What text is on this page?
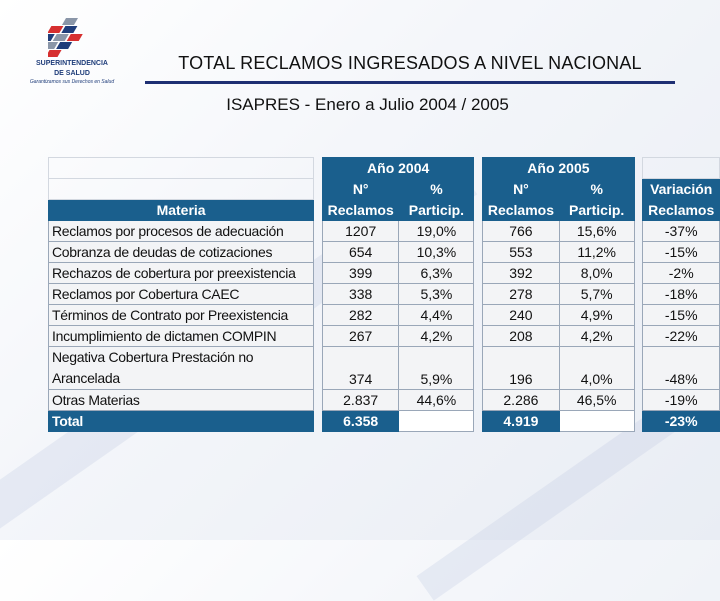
SUPERINTENDENCIA
DE SALUD
Garantizamos sus Derechos en Salud
TOTAL RECLAMOS INGRESADOS A NIVEL NACIONAL
ISAPRES - Enero a Julio 2004 / 2005
		Año 2004			Año 2005			
		N°	%		N°	%		Variación
Materia		Reclamos	Particip.		Reclamos	Particip.		Reclamos
Reclamos por procesos de adecuación		1207	19,0%		766	15,6%		-37%
Cobranza de deudas de cotizaciones		654	10,3%		553	11,2%		-15%
Rechazos de cobertura por preexistencia		399	6,3%		392	8,0%		-2%
Reclamos por Cobertura CAEC		338	5,3%		278	5,7%		-18%
Términos de Contrato por Preexistencia		282	4,4%		240	4,9%		-15%
Incumplimiento de dictamen COMPIN		267	4,2%		208	4,2%		-22%

Negativa Cobertura Prestación no
Arancelada		374	5,9%		196	4,0%		-48%
Otras Materias		2.837	44,6%		2.286	46,5%		-19%
Total		6.358			4.919			-23%
